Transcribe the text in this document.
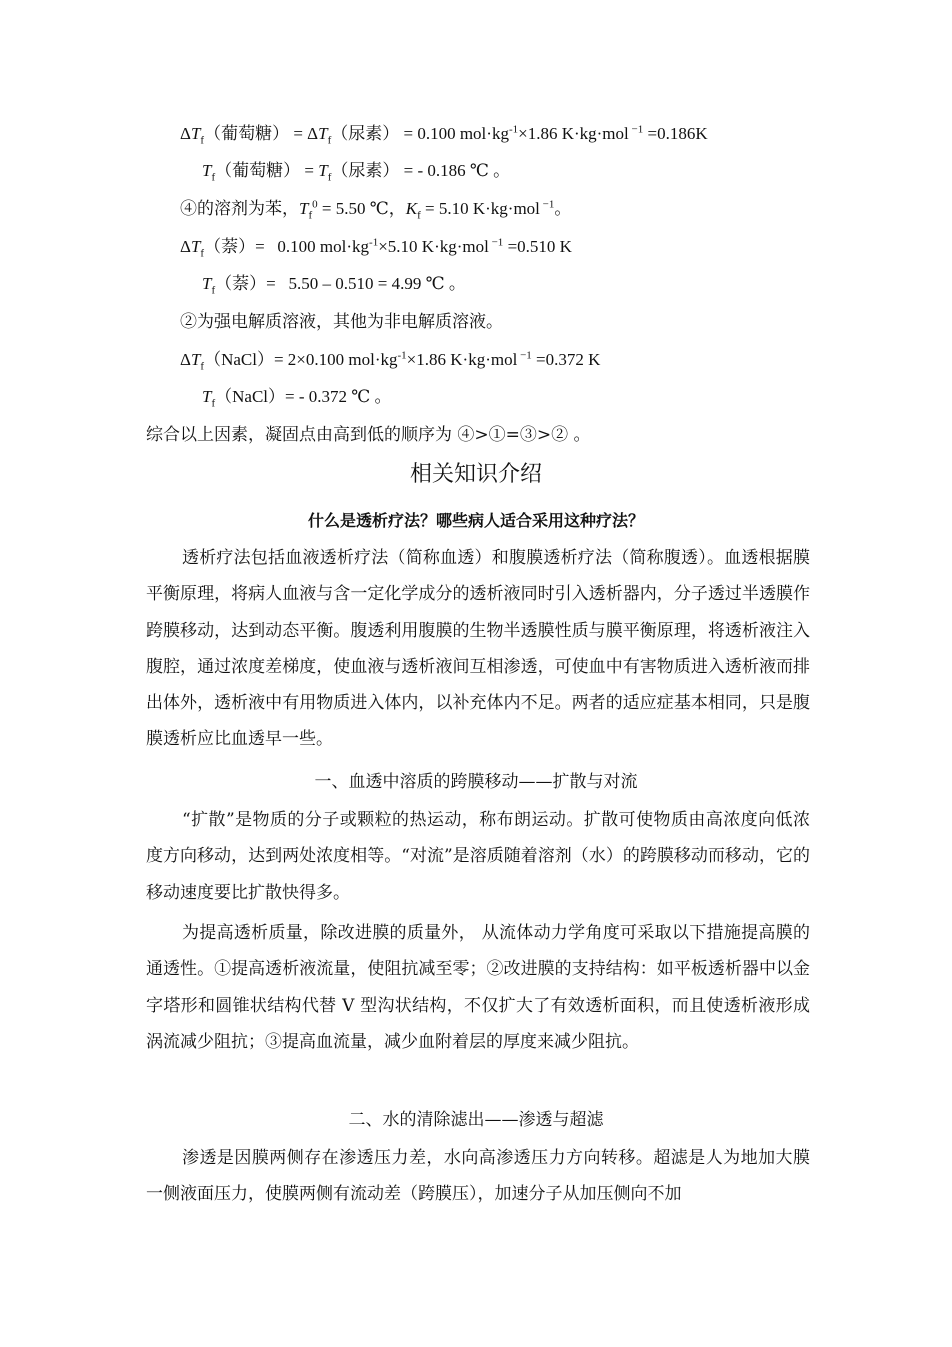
$\Delta T_f$（葡萄糖） = $\Delta T_f$（尿素） = 0.100 $mol\cdot kg^{-1}\times 1.86$ K·kg·mol $^{-1}$ =0.186K
$T_f$（葡萄糖） = $T_f$（尿素） = - 0.186 ℃ 。
④的溶剂为苯，$T_f^0 = 5.50$ ℃，$K_f = 5.10$ K·kg·mol $^{-1}$。
$\Delta T_f$（萘）= 0.100 $mol\cdot kg^{-1}\times 5.10$ K·kg·mol $^{-1}$ =0.510 K
$T_f$（萘）= 5.50 – 0.510 = 4.99 ℃ 。
②为强电解质溶液，其他为非电解质溶液。
$\Delta T_f(NaCl)= 2\times 0.100$ $mol\cdot kg^{-1}\times 1.86$ K·kg·mol $^{-1}$ =0.372 K
$T_f(NaCl)= - 0.372$ ℃ 。
综合以上因素，凝固点由高到低的顺序为 ④>①=③>② 。
相关知识介绍
什么是透析疗法？哪些病人适合采用这种疗法？

透析疗法包括血液透析疗法（简称血透）和腹膜透析疗法（简称腹透）。血透根据膜平衡原理，将病人血液与含一定化学成分的透析液同时引入透析器内，分子透过半透膜作跨膜移动，达到动态平衡。腹透利用腹膜的生物半透膜性质与膜平衡原理，将透析液注入腹腔，通过浓度差梯度，使血液与透析液间互相渗透，可使血中有害物质进入透析液而排出体外，透析液中有用物质进入体内，以补充体内不足。两者的适应症基本相同，只是腹膜透析应比血透早一些。

一、血透中溶质的跨膜移动——扩散与对流

“扩散”是物质的分子或颗粒的热运动，称布朗运动。扩散可使物质由高浓度向低浓度方向移动，达到两处浓度相等。“对流”是溶质随着溶剂（水）的跨膜移动而移动，它的移动速度要比扩散快得多。

为提高透析质量，除改进膜的质量外， 从流体动力学角度可采取以下措施提高膜的通透性。①提高透析液流量，使阻抗减至零；②改进膜的支持结构：如平板透析器中以金字塔形和圆锥状结构代替 V 型沟状结构，不仅扩大了有效透析面积，而且使透析液形成涡流减少阻抗；③提高血流量，减少血附着层的厚度来减少阻抗。

二、水的清除滤出——渗透与超滤

渗透是因膜两侧存在渗透压力差，水向高渗透压力方向转移。超滤是人为地加大膜一侧液面压力，使膜两侧有流动差（跨膜压），加速分子从加压侧向不加
